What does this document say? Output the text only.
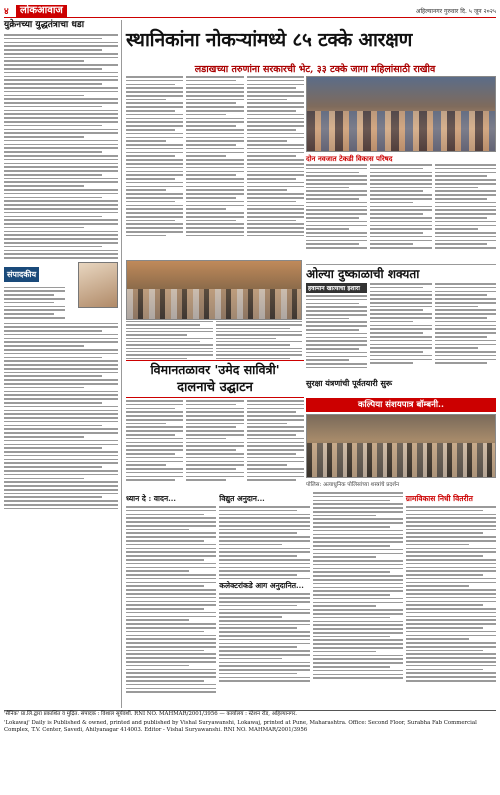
४	लोकआवाज	अहिल्यानगर गुरुवार दि. ५ जून २०२५
युक्रेनच्या युद्धतंत्राचा धडा
संपादकीय
स्थानिकांना नोकऱ्यांमध्ये ८५ टक्के आरक्षण
लडाखच्या तरुणांना सरकारची भेट, ३३ टक्के जागा महिलांसाठी राखीव
दोन नवजात टेकडी विकास परिषद
ओल्या दुष्काळाची शक्यता
हवामान खात्याचा इशारा
विमानतळावर 'उमेद सावित्री'
दालनाचे उद्घाटन	सुरक्षा यंत्रणांची पूर्वतयारी सुरू
कल्पिया संशयपात्र बॉम्बनी..
पोलिस: अत्याधुनिक पोलिसांच्या शस्त्रांचे प्रदर्शन
ध्यान दे : वादन...	विद्युत अनुदान...
कलेक्टरांकडे आग अनुदानित...
ग्रामविकास निधी वितरीत
'सैनिक' प्रा.लि.द्वारा प्रकाशित व मुद्रित. संपादक : विशाल सूर्यवंशी. RNI NO. MAHMAR/2001/3956 — कार्यालय : स्टेशन रोड, अहिल्यानगर.
'Lokawaj' Daily is Published & owned, printed and published by Vishal Suryawanshi, Lokawaj, printed at Pune, Maharashtra. Office: Second Floor, Surabha Fab Commercial Complex, T.V. Center, Savedi, Ahilyanagar 414003. Editor - Vishal Suryawanshi. RNI NO. MAHMAR/2001/3956
